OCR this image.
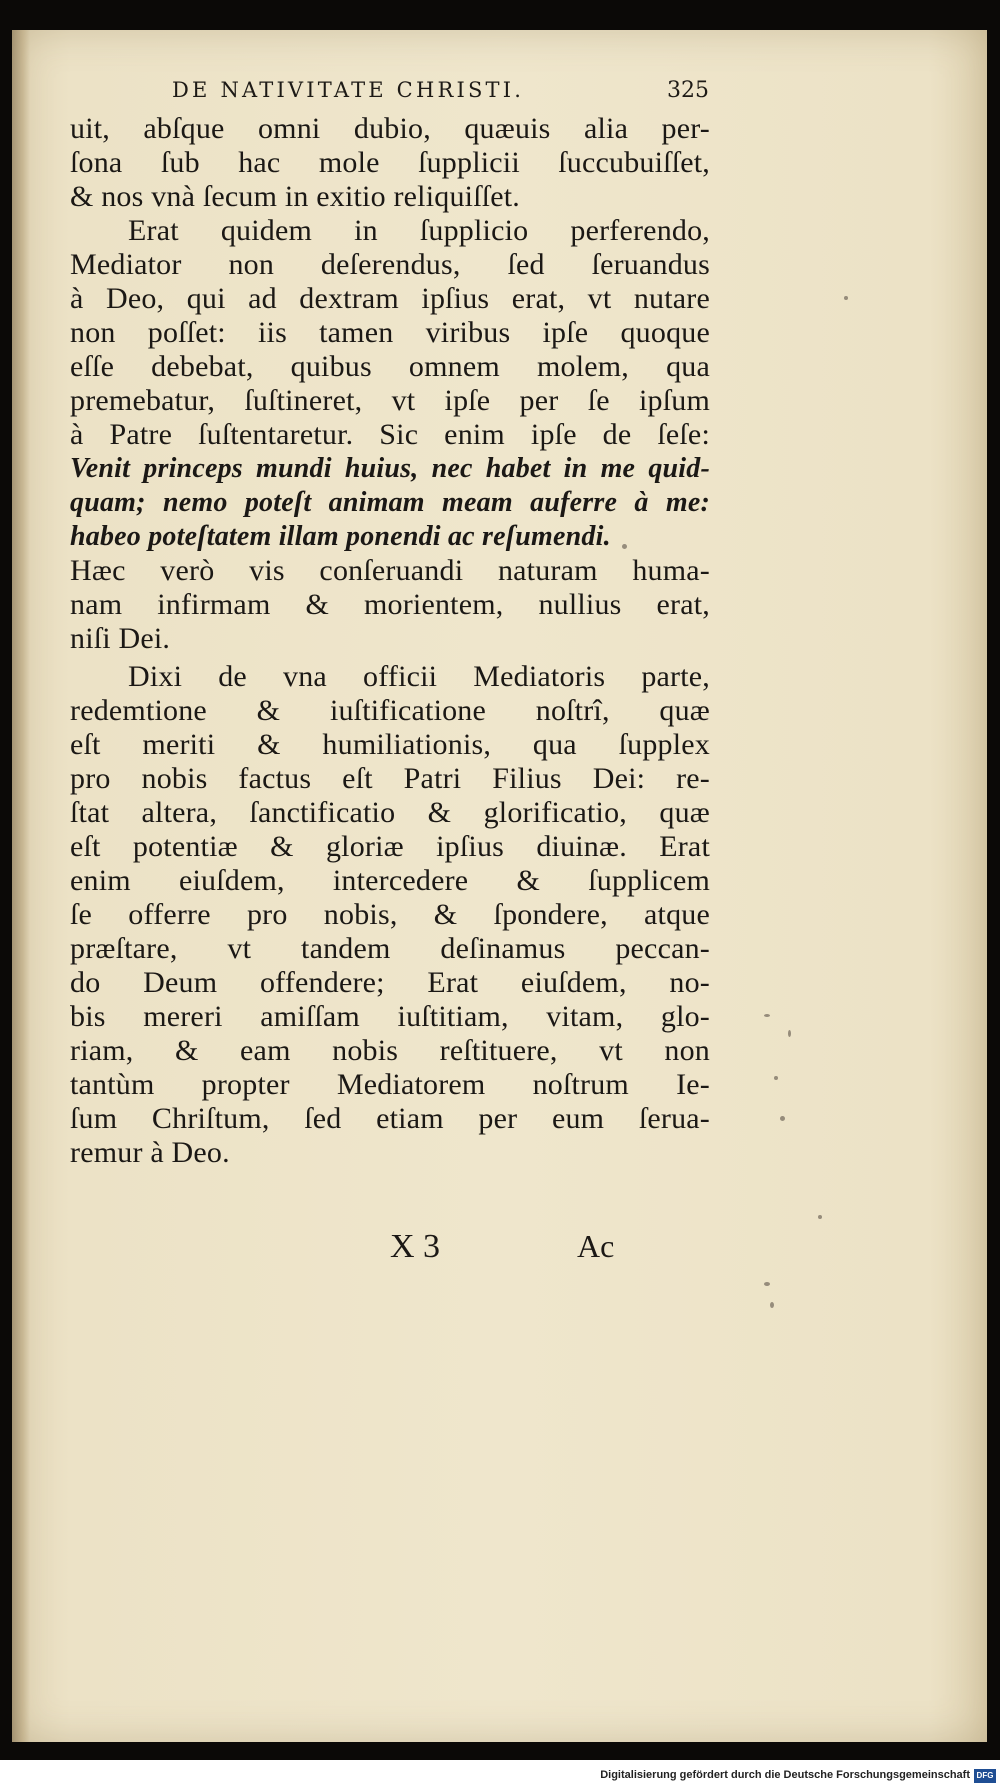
DE NATIVITATE CHRISTI.	325
uit, abſque omni dubio, quæuis alia per-
ſona ſub hac mole ſupplicii ſuccubuiſſet,
& nos vnà ſecum in exitio reliquiſſet.
Erat quidem in ſupplicio perferendo,
Mediator non deſerendus, ſed ſeruandus
à Deo, qui ad dextram ipſius erat, vt nutare
non poſſet: iis tamen viribus ipſe quoque
eſſe debebat, quibus omnem molem, qua
premebatur, ſuſtineret, vt ipſe per ſe ipſum
à Patre ſuſtentaretur. Sic enim ipſe de ſeſe:
Venit princeps mundi huius, nec habet in me quid-
quam; nemo poteſt animam meam auferre à me:
habeo poteſtatem illam ponendi ac reſumendi.
Hæc verò vis conſeruandi naturam huma-
nam infirmam & morientem, nullius erat,
niſi Dei.
Dixi de vna officii Mediatoris parte,
redemtione & iuſtificatione noſtrî, quæ
eſt meriti & humiliationis, qua ſupplex
pro nobis factus eſt Patri Filius Dei: re-
ſtat altera, ſanctificatio & glorificatio, quæ
eſt potentiæ & gloriæ ipſius diuinæ. Erat
enim eiuſdem, intercedere & ſupplicem
ſe offerre pro nobis, & ſpondere, atque
præſtare, vt tandem deſinamus peccan-
do Deum offendere; Erat eiuſdem, no-
bis mereri amiſſam iuſtitiam, vitam, glo-
riam, & eam nobis reſtituere, vt non
tantùm propter Mediatorem noſtrum Ie-
ſum Chriſtum, ſed etiam per eum ſerua-
remur à Deo.
X 3	Ac
Digitalisierung gefördert durch die Deutsche Forschungsgemeinschaft DFG
